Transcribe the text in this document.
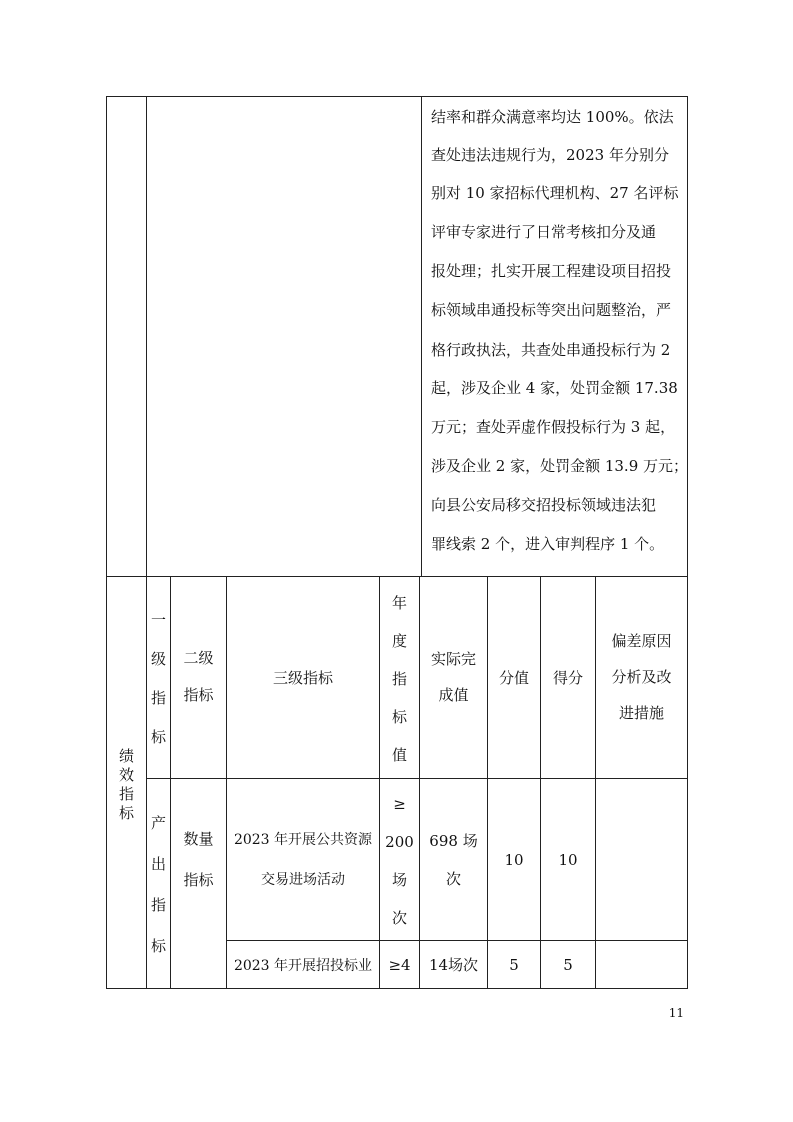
结率和群众满意率均达 100%。依法
查处违法违规行为，2023 年分别分
别对 10 家招标代理机构、27 名评标
评审专家进行了日常考核扣分及通
报处理；扎实开展工程建设项目招投
标领域串通投标等突出问题整治，严
格行政执法，共查处串通投标行为 2
起，涉及企业 4 家，处罚金额 17.38
万元；查处弄虚作假投标行为 3 起，
涉及企业 2 家，处罚金额 13.9 万元；
向县公安局移交招投标领域违法犯
罪线索 2 个，进入审判程序 1 个。
绩
效
指
标
一
级
指
标
二级
指标
三级指标
年
度
指
标
值
实际完
成值
分值 得分
偏差原因
分析及改
进措施
产
出
指
标
数量
指标
2023 年开展公共资源
交易进场活动
≥
200
场
次
698 场
次
10 10
2023 年开展招投标业 ≥4 14场次 5	5
11
